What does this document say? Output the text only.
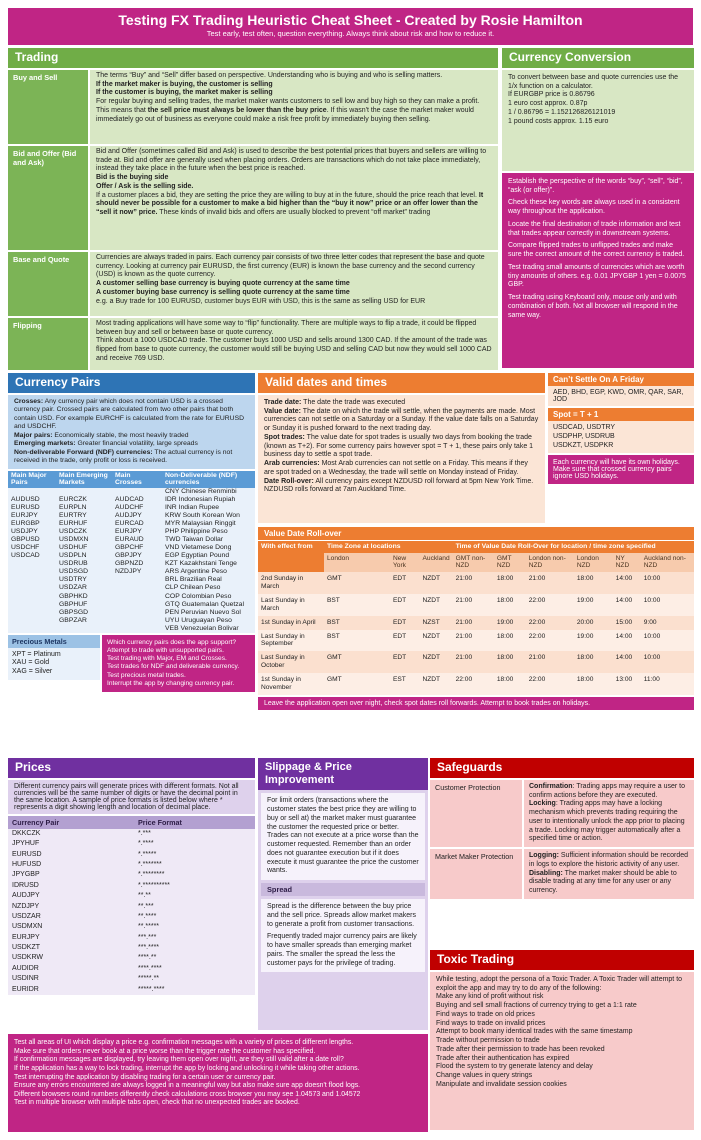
Testing FX Trading Heuristic Cheat Sheet - Created by Rosie Hamilton
Test early, test often, question everything. Always think about risk and how to reduce it.
Trading
Buy and Sell	The terms “Buy” and “Sell” differ based on perspective. Understanding who is buying and who is selling matters.
If the market maker is buying, the customer is selling
If the customer is buying, the market maker is selling
For regular buying and selling trades, the market maker wants customers to sell low and buy high so they can make a profit. This means that the sell price must always be lower than the buy price. If this wasn't the case the market maker would immediately go out of business as everyone could make a risk free profit by immediately buying then selling.
Bid and Offer (Bid and Ask)
Bid and Offer (sometimes called Bid and Ask) is used to describe the best potential prices that buyers and sellers are willing to trade at. Bid and offer are generally used when placing orders. Orders are transactions which do not take place immediately, instead they take place in the future when the best price is reached.
Bid is the buying side
Offer / Ask is the selling side.
If a customer places a bid, they are setting the price they are willing to buy at in the future, should the price reach that level. It should never be possible for a customer to make a bid higher than the “buy it now” price or an offer lower than the “sell it now” price. These kinds of invalid bids and offers are usually blocked to prevent “off market” trading
Base and Quote	Currencies are always traded in pairs. Each currency pair consists of two three letter codes that represent the base and quote currency. Looking at currency pair EURUSD, the first currency (EUR) is known the base currency and the second currency (USD) is known as the quote currency.
A customer selling base currency is buying quote currency at the same time
A customer buying base currency is selling quote currency at the same time
e.g. a Buy trade for 100 EURUSD, customer buys EUR with USD, this is the same as selling USD for EUR
Flipping	Most trading applications will have some way to “flip” functionality. There are multiple ways to flip a trade, it could be flipped between buy and sell or between base or quote currency.
Think about a 1000 USDCAD trade. The customer buys 1000 USD and sells around 1300 CAD. If the amount of the trade was flipped from base to quote currency, the customer would still be buying USD and selling CAD but now they would sell 1000 CAD and receive 769 USD.
Currency Conversion
To convert between base and quote currencies use the 1/x function on a calculator.
If EURGBP price is 0.86796
1 euro cost approx. 0.87p
1 / 0.86796 = 1.152126826121019
1 pound costs approx. 1.15 euro
Establish the perspective of the words “buy”, “sell”, “bid”, “ask (or offer)”.
Check these key words are always used in a consistent way throughout the application.
Locate the final destination of trade information and test that trades appear correctly in downstream systems.
Compare flipped trades to unflipped trades and make sure the correct amount of the correct currency is traded.
Test trading small amounts of currencies which are worth tiny amounts of others. e.g. 0.01 JPYGBP 1 yen = 0.0075 GBP.
Test trading using Keyboard only, mouse only and with combination of both. Not all browser will respond in the same way.
Currency Pairs
Crosses: Any currency pair which does not contain USD is a crossed currency pair. Crossed pairs are calculated from two other pairs that both contain USD. For example EURCHF is calculated from the rate for EURUSD and USDCHF.
Major pairs: Economically stable, the most heavily traded
Emerging markets: Greater financial volatility, large spreads
Non-deliverable Forward (NDF) currencies: The actual currency is not received in the trade, only profit or loss is received.
Main Major Pairs	Main Emerging Markets	Main Crosses	Non-Deliverable (NDF) currencies
			CNY Chinese Renminbi
AUDUSD	EURCZK	AUDCAD	IDR Indonesian Rupiah
EURUSD	EURPLN	AUDCHF	INR Indian Rupee
EURJPY	EURTRY	AUDJPY	KRW South Korean Won
EURGBP	EURHUF	EURCAD	MYR Malaysian Ringgit
USDJPY	USDCZK	EURJPY	PHP Philippine Peso
GBPUSD	USDMXN	EURAUD	TWD Taiwan Dollar
USDCHF	USDHUF	GBPCHF	VND Vietamese Dong
USDCAD	USDPLN	GBPJPY	EGP Egyptian Pound
	USDRUB	GBPNZD	KZT Kazakhstani Tenge
	USDSGD	NZDJPY	ARS Argentine Peso
	USDTRY		BRL Brazilian Real
	USDZAR		CLP Chilean Peso
	GBPHKD		COP Colombian Peso
	GBPHUF		GTQ Guatemalan Quetzal
	GBPSGD		PEN Peruvian Nuevo Sol
	GBPZAR		UYU Uruguayan Peso
			VEB Venezuelan Bolivar
Precious Metals
XPT = Platinum
XAU = Gold
XAG = Silver
Which currency pairs does the app support?
Attempt to trade with unsupported pairs.
Test trading with Major, EM and Crosses.
Test trades for NDF and deliverable currency.
Test precious metal trades.
Interrupt the app by changing currency pair.
Valid dates and times
Trade date: The date the trade was executed
Value date: The date on which the trade will settle, when the payments are made. Most currencies can not settle on a Saturday or a Sunday. If the value date falls on a Saturday or Sunday it is pushed forward to the next trading day.
Spot trades: The value date for spot trades is usually two days from booking the trade (known as T+2). For some currency pairs however spot = T + 1, these pairs only take 1 business day to settle a spot trade.
Arab currencies: Most Arab currencies can not settle on a Friday. This means if they are spot traded on a Wednesday, the trade will settle on Monday instead of Friday.
Date Roll-over: All currency pairs except NZDUSD roll forward at 5pm New York Time. NZDUSD rolls forward at 7am Auckland Time.
Can’t Settle On A Friday
AED, BHD, EGP, KWD, OMR, QAR, SAR, JOD
Spot = T + 1
USDCAD, USDTRY
USDPHP, USDRUB
USDKZT, USDPKR
Each currency will have its own holidays. Make sure that crossed currency pairs ignore USD holidays.
Value Date Roll-over
With effect from	Time Zone at locations			Time of Value Date Roll-Over for location / time zone specified					
	London	New York	Auckland	GMT non-NZD	GMT NZD	London non-NZD	London NZD	NY NZD	Auckland non-NZD
2nd Sunday in March	GMT	EDT	NZDT	21:00	18:00	21:00	18:00	14:00	10:00
Last Sunday in March	BST	EDT	NZDT	21:00	18:00	22:00	19:00	14:00	10:00
1st Sunday in April	BST	EDT	NZST	21:00	19:00	22:00	20:00	15:00	9:00
Last Sunday in September	BST	EDT	NZDT	21:00	18:00	22:00	19:00	14:00	10:00
Last Sunday in October	GMT	EDT	NZDT	21:00	18:00	21:00	18:00	14:00	10:00
1st Sunday in November	GMT	EST	NZDT	22:00	18:00	22:00	18:00	13:00	11:00
Leave the application open over night, check spot dates roll forwards. Attempt to book trades on holidays.
Prices
Different currency pairs will generate prices with different formats. Not all currencies will be the same number of digits or have the decimal point in the same location. A sample of price formats is listed below where * represents a digit showing length and location of decimal place.
Currency Pair	Price Format
DKKCZK	*.***
JPYHUF	*.****
EURUSD	*.*****
HUFUSD	*.*******
JPYGBP	*.********
IDRUSD	*.**********
AUDJPY	**.**
NZDJPY	**.***
USDZAR	**.****
USDMXN	**.*****
EURJPY	***.***
USDKZT	***.****
USDKRW	****.**
AUDIDR	****.****
USDINR	*****.**
EURIDR	*****.****
Slippage & Price Improvement
For limit orders (transactions where the customer states the best price they are willing to buy or sell at) the market maker must guarantee the customer the requested price or better. Trades can not execute at a price worse than the customer requested. Remember than an order does not guarantee execution but if it does execute it must guarantee the price the customer wants.
Spread
Spread is the difference between the buy price and the sell price. Spreads allow market makers to generate a profit from customer transactions.
Frequently traded major currency pairs are likely to have smaller spreads than emerging market pairs. The smaller the spread the less the customer pays for the privilege of trading.
Safeguards
Customer Protection	Confirmation: Trading apps may require a user to confirm actions before they are executed.
Locking: Trading apps may have a locking mechanism which prevents trading requiring the user to intentionally unlock the app prior to placing a trade. Locking may trigger automatically after a specified time or action.
Market Maker Protection	Logging: Sufficient information should be recorded in logs to explore the historic activity of any user.
Disabling: The market maker should be able to disable trading at any time for any user or any currency.
Toxic Trading
While testing, adopt the persona of a Toxic Trader. A Toxic Trader will attempt to exploit the app and may try to do any of the following:
Make any kind of profit without risk
Buying and sell small fractions of currency trying to get a 1:1 rate
Find ways to trade on old prices
Find ways to trade on invalid prices
Attempt to book many identical trades with the same timestamp
Trade without permission to trade
Trade after their permission to trade has been revoked
Trade after their authentication has expired
Flood the system to try generate latency and delay
Change values in query strings
Manipulate and invalidate session cookies
Test all areas of UI which display a price e.g. confirmation messages with a variety of prices of different lengths.
Make sure that orders never book at a price worse than the trigger rate the customer has specified.
If confirmation messages are displayed, try leaving them open over night, are they still valid after a date roll?
If the application has a way to lock trading, interrupt the app by locking and unlocking it while taking other actions.
Test interrupting the application by disabling trading for a certain user or currency pair.
Ensure any errors encountered are always logged in a meaningful way but also make sure app doesn't flood logs.
Different browsers round numbers differently check calculations cross browser you may see 1.04573 and 1.04572
Test in multiple browser with multiple tabs open, check that no unexpected trades are booked.
